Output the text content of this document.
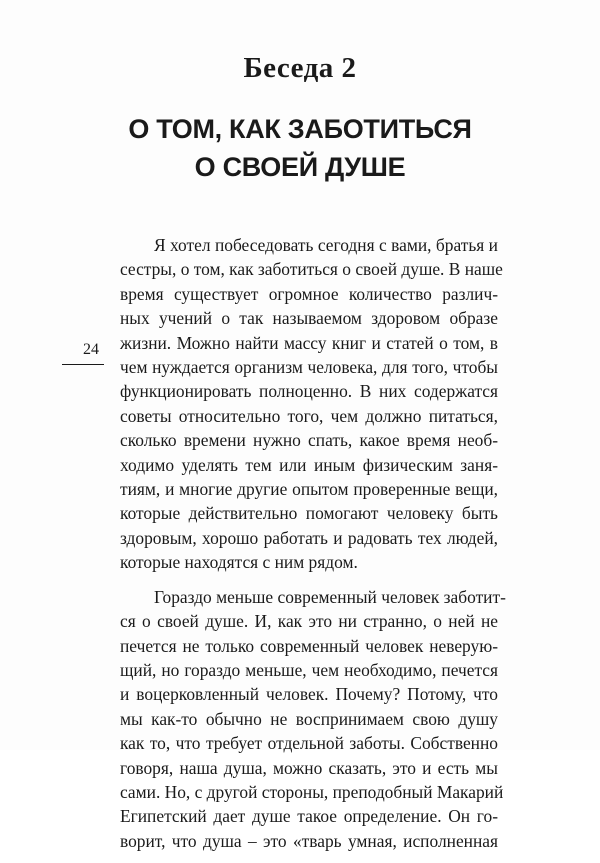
Беседа 2
О ТОМ, КАК ЗАБОТИТЬСЯ
О СВОЕЙ ДУШЕ
24
Я хотел побеседовать сегодня с вами, братья и
сестры, о том, как заботиться о своей душе. В наше
время существует огромное количество различ-
ных учений о так называемом здоровом образе
жизни. Можно найти массу книг и статей о том, в
чем нуждается организм человека, для того, чтобы
функционировать полноценно. В них содержатся
советы относительно того, чем должно питаться,
сколько времени нужно спать, какое время необ-
ходимо уделять тем или иным физическим заня-
тиям, и многие другие опытом проверенные вещи,
которые действительно помогают человеку быть
здоровым, хорошо работать и радовать тех людей,
которые находятся с ним рядом.
Гораздо меньше современный человек заботит-
ся о своей душе. И, как это ни странно, о ней не
печется не только современный человек неверую-
щий, но гораздо меньше, чем необходимо, печется
и воцерковленный человек. Почему? Потому, что
мы как-то обычно не воспринимаем свою душу
как то, что требует отдельной заботы. Собственно
говоря, наша душа, можно сказать, это и есть мы
сами. Но, с другой стороны, преподобный Макарий
Египетский дает душе такое определение. Он го-
ворит, что душа – это «тварь умная, исполненная
